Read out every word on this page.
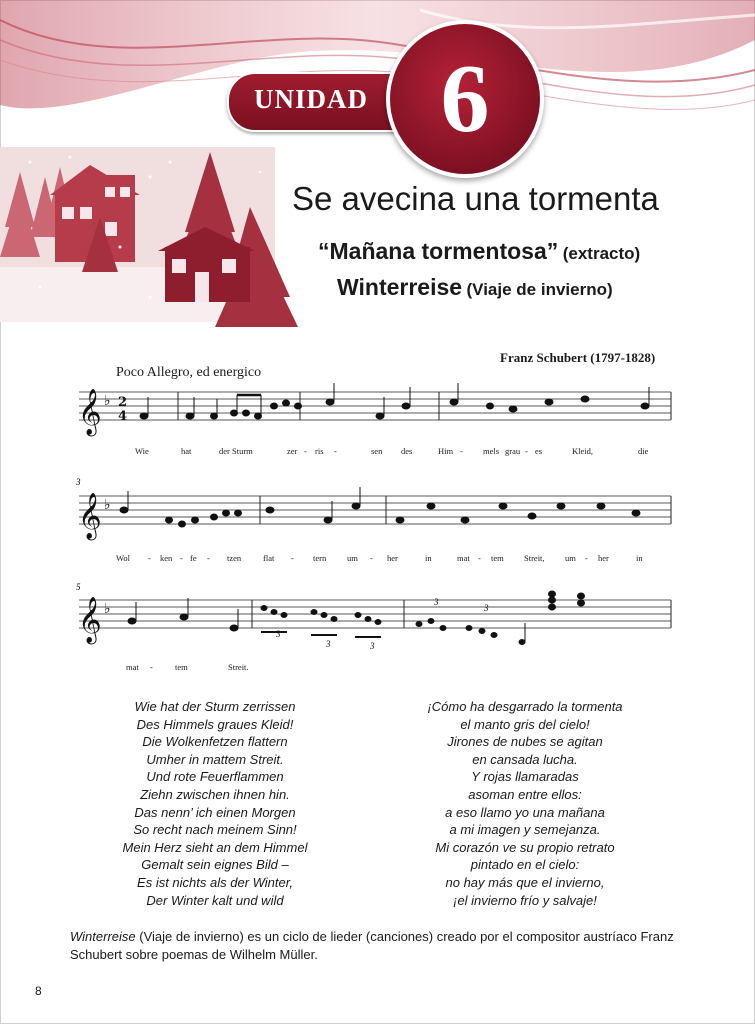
UNIDAD 6
Se avecina una tormenta
“Mañana tormentosa” (extracto)
Winterreise (Viaje de invierno)
Franz Schubert (1797-1828)
Poco Allegro, ed energico
𝄞
𝄞
𝄞
♭
♭
♭
2
4
3
5
3
3	3
3
3
Wie	hat	der Sturm	zer - ris -	sen des	Him - mels grau - es	Kleid,	die
Wol - ken - fe - tzen	flat - tern um - her	in	mat - tem Streit, um - her	in
mat -	tem	Streit.
Wie hat der Sturm zerrissen
Des Himmels graues Kleid!
Die Wolkenfetzen flattern
Umher in mattem Streit.
Und rote Feuerflammen
Ziehn zwischen ihnen hin.
Das nenn’ ich einen Morgen
So recht nach meinem Sinn!
Mein Herz sieht an dem Himmel
Gemalt sein eignes Bild –
Es ist nichts als der Winter,
Der Winter kalt und wild
¡Cómo ha desgarrado la tormenta
el manto gris del cielo!
Jirones de nubes se agitan
en cansada lucha.
Y rojas llamaradas
asoman entre ellos:
a eso llamo yo una mañana
a mi imagen y semejanza.
Mi corazón ve su propio retrato
pintado en el cielo:
no hay más que el invierno,
¡el invierno frío y salvaje!
Winterreise (Viaje de invierno) es un ciclo de lieder (canciones) creado por el compositor austríaco Franz Schubert sobre poemas de Wilhelm Müller.
8
